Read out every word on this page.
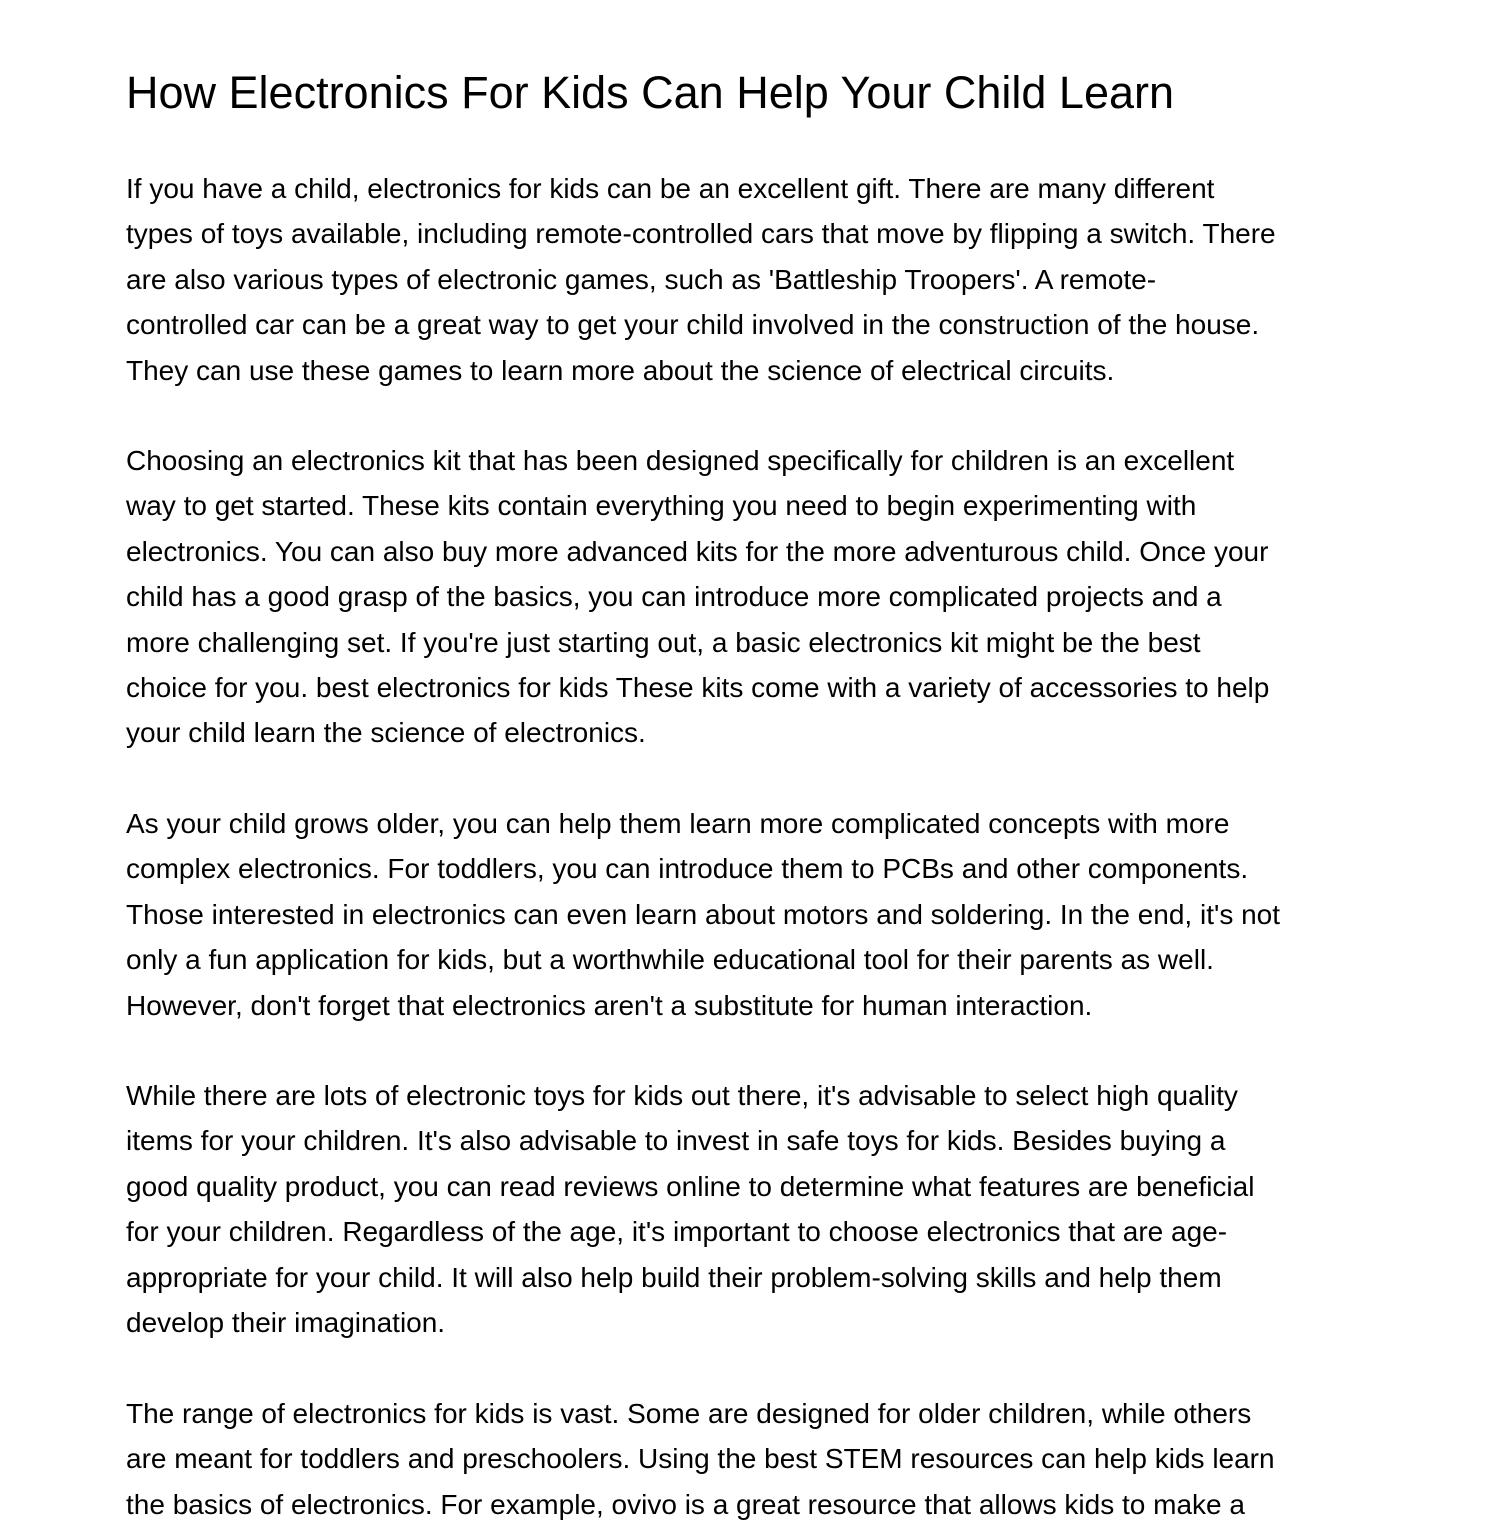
How Electronics For Kids Can Help Your Child Learn

If you have a child, electronics for kids can be an excellent gift. There are many different
types of toys available, including remote-controlled cars that move by flipping a switch. There
are also various types of electronic games, such as 'Battleship Troopers'. A remote-
controlled car can be a great way to get your child involved in the construction of the house.
They can use these games to learn more about the science of electrical circuits.

Choosing an electronics kit that has been designed specifically for children is an excellent
way to get started. These kits contain everything you need to begin experimenting with
electronics. You can also buy more advanced kits for the more adventurous child. Once your
child has a good grasp of the basics, you can introduce more complicated projects and a
more challenging set. If you're just starting out, a basic electronics kit might be the best
choice for you. best electronics for kids These kits come with a variety of accessories to help
your child learn the science of electronics.

As your child grows older, you can help them learn more complicated concepts with more
complex electronics. For toddlers, you can introduce them to PCBs and other components.
Those interested in electronics can even learn about motors and soldering. In the end, it's not
only a fun application for kids, but a worthwhile educational tool for their parents as well.
However, don't forget that electronics aren't a substitute for human interaction.

While there are lots of electronic toys for kids out there, it's advisable to select high quality
items for your children. It's also advisable to invest in safe toys for kids. Besides buying a
good quality product, you can read reviews online to determine what features are beneficial
for your children. Regardless of the age, it's important to choose electronics that are age-
appropriate for your child. It will also help build their problem-solving skills and help them
develop their imagination.

The range of electronics for kids is vast. Some are designed for older children, while others
are meant for toddlers and preschoolers. Using the best STEM resources can help kids learn
the basics of electronics. For example, ovivo is a great resource that allows kids to make a
